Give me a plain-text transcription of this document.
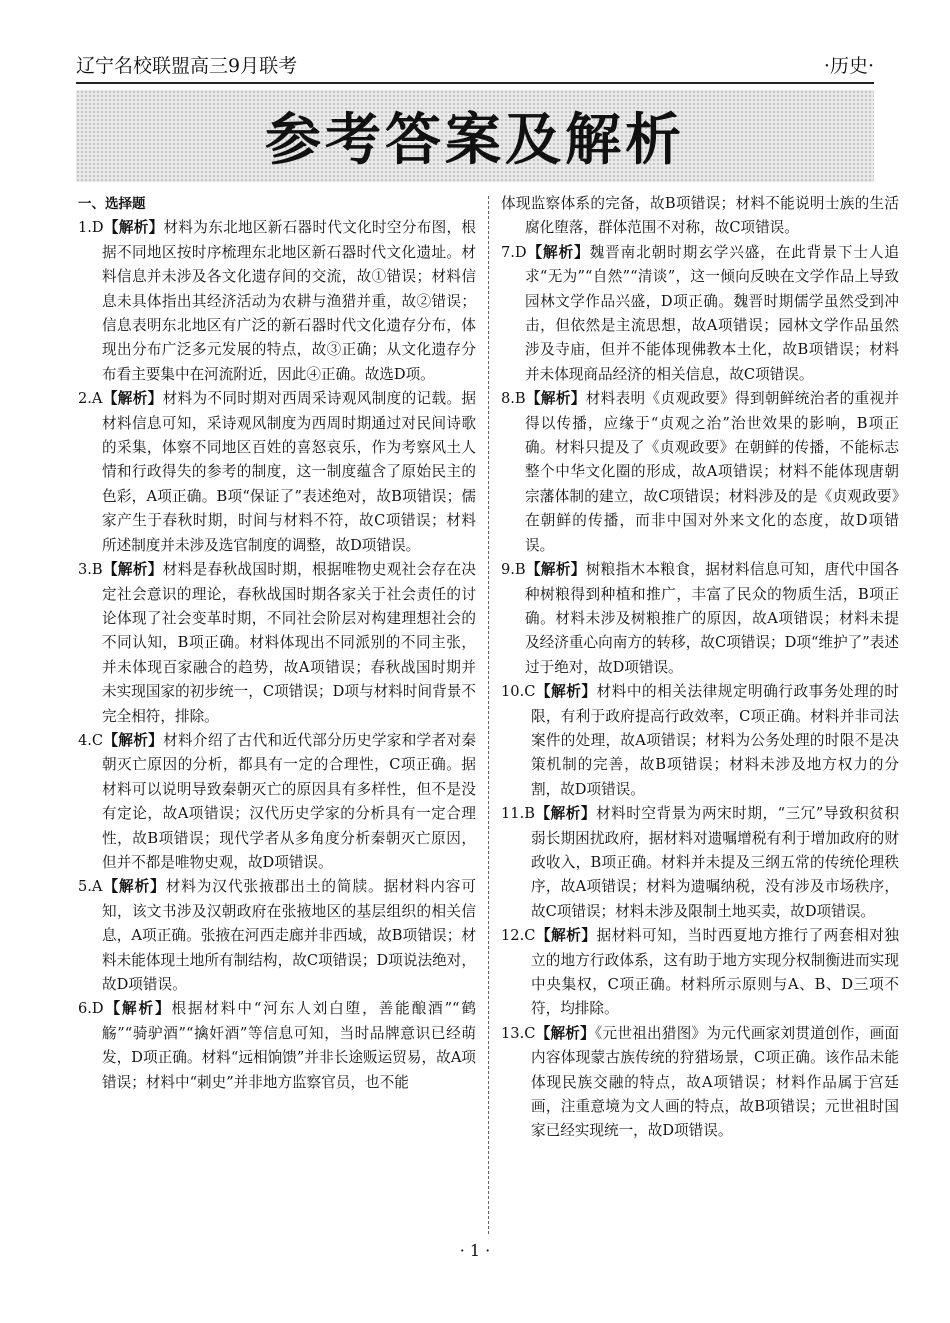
辽宁名校联盟高三9月联考	·历史·
参考答案及解析

一、选择题

1.D【解析】材料为东北地区新石器时代文化时空分布图，根据不同地区按时序梳理东北地区新石器时代文化遗址。材料信息并未涉及各文化遗存间的交流，故①错误；材料信息未具体指出其经济活动为农耕与渔猎并重，故②错误；信息表明东北地区有广泛的新石器时代文化遗存分布，体现出分布广泛多元发展的特点，故③正确；从文化遗存分布看主要集中在河流附近，因此④正确。故选D项。

2.A【解析】材料为不同时期对西周采诗观风制度的记载。据材料信息可知，采诗观风制度为西周时期通过对民间诗歌的采集，体察不同地区百姓的喜怒哀乐，作为考察风土人情和行政得失的参考的制度，这一制度蕴含了原始民主的色彩，A项正确。B项“保证了”表述绝对，故B项错误；儒家产生于春秋时期，时间与材料不符，故C项错误；材料所述制度并未涉及选官制度的调整，故D项错误。

3.B【解析】材料是春秋战国时期，根据唯物史观社会存在决定社会意识的理论，春秋战国时期各家关于社会责任的讨论体现了社会变革时期，不同社会阶层对构建理想社会的不同认知，B项正确。材料体现出不同派别的不同主张，并未体现百家融合的趋势，故A项错误；春秋战国时期并未实现国家的初步统一，C项错误；D项与材料时间背景不完全相符，排除。

4.C【解析】材料介绍了古代和近代部分历史学家和学者对秦朝灭亡原因的分析，都具有一定的合理性，C项正确。据材料可以说明导致秦朝灭亡的原因具有多样性，但不是没有定论，故A项错误；汉代历史学家的分析具有一定合理性，故B项错误；现代学者从多角度分析秦朝灭亡原因，但并不都是唯物史观，故D项错误。

5.A【解析】材料为汉代张掖郡出土的简牍。据材料内容可知，该文书涉及汉朝政府在张掖地区的基层组织的相关信息，A项正确。张掖在河西走廊并非西域，故B项错误；材料未能体现土地所有制结构，故C项错误；D项说法绝对，故D项错误。

6.D【解析】根据材料中“河东人刘白堕，善能酿酒”“鹤觞”“骑驴酒”“擒奸酒”等信息可知，当时品牌意识已经萌发，D项正确。材料“远相饷馈”并非长途贩运贸易，故A项错误；材料中“刺史”并非地方监察官员，也不能

体现监察体系的完备，故B项错误；材料不能说明士族的生活腐化堕落，群体范围不对称，故C项错误。

7.D【解析】魏晋南北朝时期玄学兴盛，在此背景下士人追求“无为”“自然”“清谈”，这一倾向反映在文学作品上导致园林文学作品兴盛，D项正确。魏晋时期儒学虽然受到冲击，但依然是主流思想，故A项错误；园林文学作品虽然涉及寺庙，但并不能体现佛教本土化，故B项错误；材料并未体现商品经济的相关信息，故C项错误。

8.B【解析】材料表明《贞观政要》得到朝鲜统治者的重视并得以传播，应缘于“贞观之治”治世效果的影响，B项正确。材料只提及了《贞观政要》在朝鲜的传播，不能标志整个中华文化圈的形成，故A项错误；材料不能体现唐朝宗藩体制的建立，故C项错误；材料涉及的是《贞观政要》在朝鲜的传播，而非中国对外来文化的态度，故D项错误。

9.B【解析】树粮指木本粮食，据材料信息可知，唐代中国各种树粮得到种植和推广，丰富了民众的物质生活，B项正确。材料未涉及树粮推广的原因，故A项错误；材料未提及经济重心向南方的转移，故C项错误；D项“维护了”表述过于绝对，故D项错误。

10.C【解析】材料中的相关法律规定明确行政事务处理的时限，有利于政府提高行政效率，C项正确。材料并非司法案件的处理，故A项错误；材料为公务处理的时限不是决策机制的完善，故B项错误；材料未涉及地方权力的分割，故D项错误。

11.B【解析】材料时空背景为两宋时期，“三冗”导致积贫积弱长期困扰政府，据材料对遗嘱增税有利于增加政府的财政收入，B项正确。材料并未提及三纲五常的传统伦理秩序，故A项错误；材料为遗嘱纳税，没有涉及市场秩序，故C项错误；材料未涉及限制土地买卖，故D项错误。

12.C【解析】据材料可知，当时西夏地方推行了两套相对独立的地方行政体系，这有助于地方实现分权制衡进而实现中央集权，C项正确。材料所示原则与A、B、D三项不符，均排除。

13.C【解析】《元世祖出猎图》为元代画家刘贯道创作，画面内容体现蒙古族传统的狩猎场景，C项正确。该作品未能体现民族交融的特点，故A项错误；材料作品属于宫廷画，注重意境为文人画的特点，故B项错误；元世祖时国家已经实现统一，故D项错误。

· 1 ·
